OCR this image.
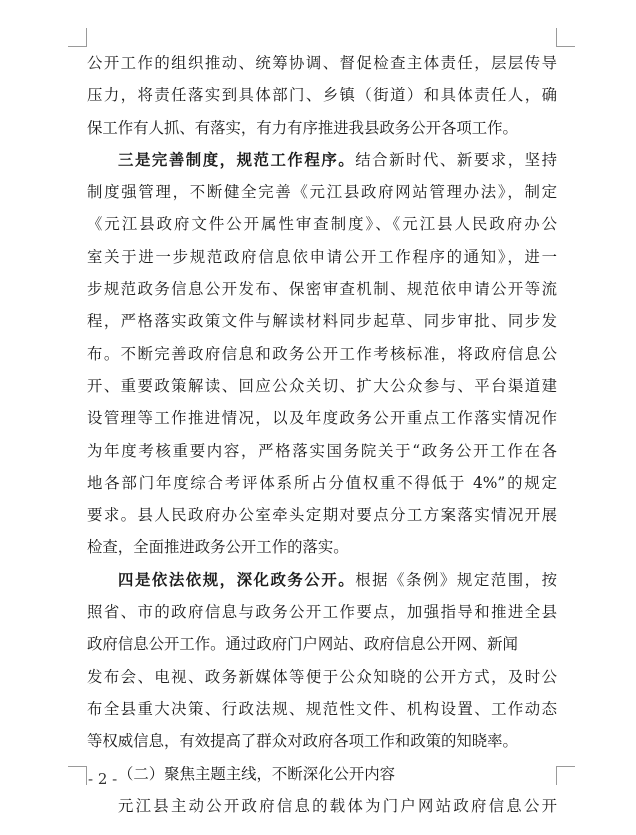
公开工作的组织推动、统筹协调、督促检查主体责任，层层传导
压力，将责任落实到具体部门、乡镇（街道）和具体责任人，确
保工作有人抓、有落实，有力有序推进我县政务公开各项工作。
三是完善制度，规范工作程序。结合新时代、新要求，坚持
制度强管理，不断健全完善《元江县政府网站管理办法》，制定
《元江县政府文件公开属性审查制度》、《元江县人民政府办公
室关于进一步规范政府信息依申请公开工作程序的通知》，进一
步规范政务信息公开发布、保密审查机制、规范依申请公开等流
程，严格落实政策文件与解读材料同步起草、同步审批、同步发
布。不断完善政府信息和政务公开工作考核标准，将政府信息公
开、重要政策解读、回应公众关切、扩大公众参与、平台渠道建
设管理等工作推进情况，以及年度政务公开重点工作落实情况作
为年度考核重要内容，严格落实国务院关于“政务公开工作在各
地各部门年度综合考评体系所占分值权重不得低于 4%”的规定
要求。县人民政府办公室牵头定期对要点分工方案落实情况开展
检查，全面推进政务公开工作的落实。
四是依法依规，深化政务公开。根据《条例》规定范围，按
照省、市的政府信息与政务公开工作要点，加强指导和推进全县
政府信息公开工作。通过政府门户网站、政府信息公开网、新闻
发布会、电视、政务新媒体等便于公众知晓的公开方式，及时公
布全县重大决策、行政法规、规范性文件、机构设置、工作动态
等权威信息，有效提高了群众对政府各项工作和政策的知晓率。
（二）聚焦主题主线，不断深化公开内容
元江县主动公开政府信息的载体为门户网站政府信息公开
- 2 -
